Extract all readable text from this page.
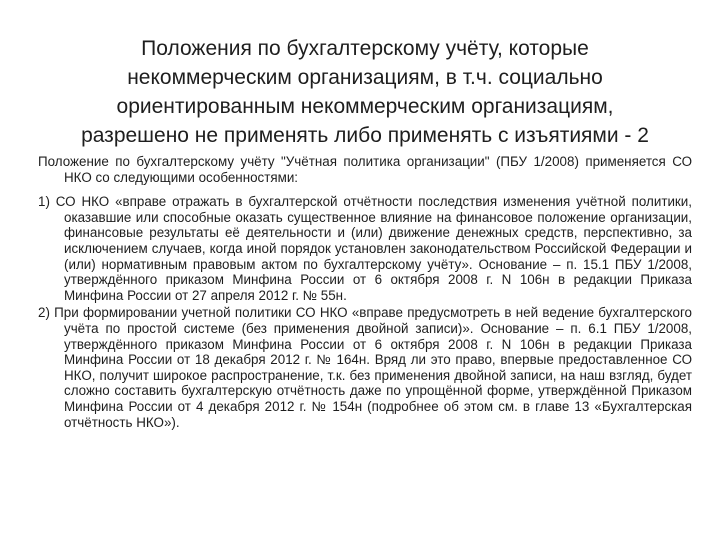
Положения по бухгалтерскому учёту, которые
некоммерческим организациям, в т.ч. социально
ориентированным некоммерческим организациям,
разрешено не применять либо применять с изъятиями - 2

Положение по бухгалтерскому учёту "Учётная политика организации" (ПБУ 1/2008) применяется СО НКО со следующими особенностями:

1) СО НКО «вправе отражать в бухгалтерской отчётности последствия изменения учётной политики, оказавшие или способные оказать существенное влияние на финансовое положение организации, финансовые результаты её деятельности и (или) движение денежных средств, перспективно, за исключением случаев, когда иной порядок установлен законодательством Российской Федерации и (или) нормативным правовым актом по бухгалтерскому учёту». Основание – п. 15.1 ПБУ 1/2008, утверждённого приказом Минфина России от 6 октября 2008 г. N 106н в редакции Приказа Минфина России от 27 апреля 2012 г. № 55н.

2) При формировании учетной политики СО НКО «вправе предусмотреть в ней ведение бухгалтерского учёта по простой системе (без применения двойной записи)». Основание – п. 6.1 ПБУ 1/2008, утверждённого приказом Минфина России от 6 октября 2008 г. N 106н в редакции Приказа Минфина России от 18 декабря 2012 г. № 164н. Вряд ли это право, впервые предоставленное СО НКО, получит широкое распространение, т.к. без применения двойной записи, на наш взгляд, будет сложно составить бухгалтерскую отчётность даже по упрощённой форме, утверждённой Приказом Минфина России от 4 декабря 2012 г. № 154н (подробнее об этом см. в главе 13 «Бухгалтерская отчётность НКО»).
